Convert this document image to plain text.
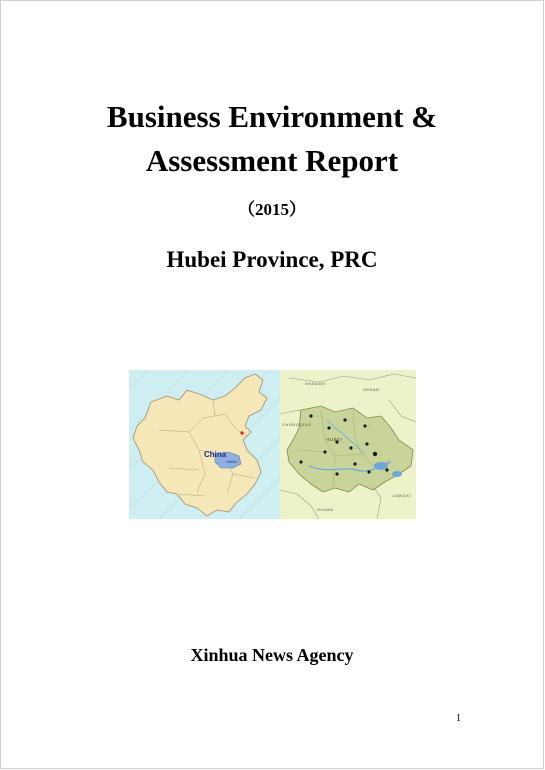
Business Environment &
Assessment Report
（2015）
Hubei Province, PRC
China
Hubei
·····
·····
·····
·····
·····
·····
·····
·····
·····
·····
SHAANXI
HENAN
CHONGQING
HUBEI
HUNAN
JIANGXI
Xinhua News Agency
1
